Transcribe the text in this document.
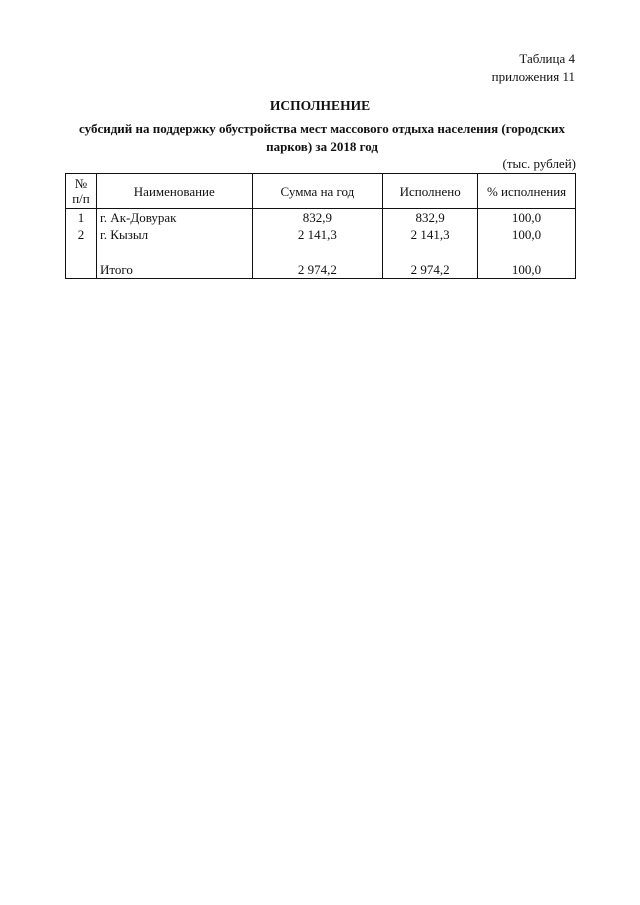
Таблица 4
приложения 11
ИСПОЛНЕНИЕ
субсидий на поддержку обустройства мест массового отдыха населения (городских
парков) за 2018 год
(тыс. рублей)
№
п/п	Наименование	Сумма на год	Исполнено	% исполнения
1	г. Ак-Довурак	832,9	832,9	100,0
2	г. Кызыл	2 141,3	2 141,3	100,0

	Итого	2 974,2	2 974,2	100,0
